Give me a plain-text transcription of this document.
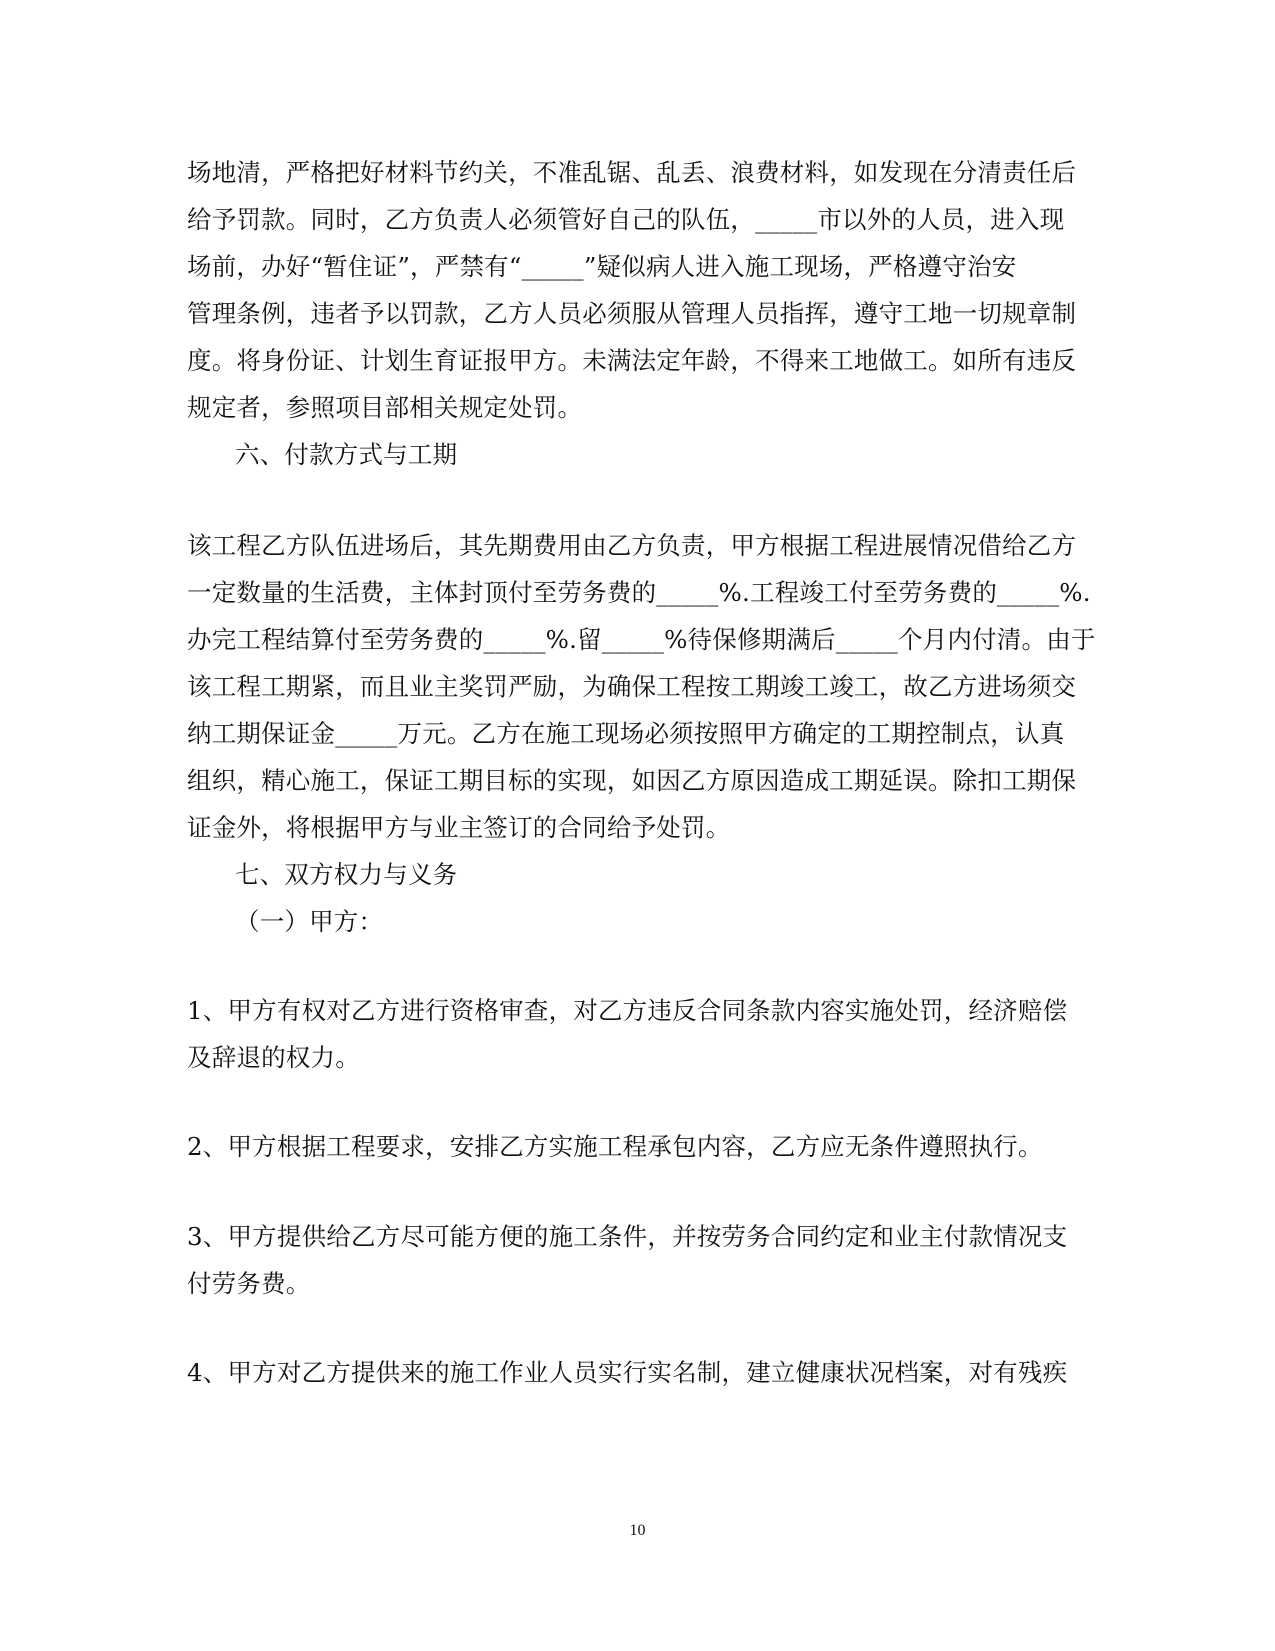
场地清，严格把好材料节约关，不准乱锯、乱丢、浪费材料，如发现在分清责任后
给予罚款。同时，乙方负责人必须管好自己的队伍，_____市以外的人员，进入现
场前，办好“暂住证”，严禁有“_____”疑似病人进入施工现场，严格遵守治安
管理条例，违者予以罚款，乙方人员必须服从管理人员指挥，遵守工地一切规章制
度。将身份证、计划生育证报甲方。未满法定年龄，不得来工地做工。如所有违反
规定者，参照项目部相关规定处罚。
六、付款方式与工期
该工程乙方队伍进场后，其先期费用由乙方负责，甲方根据工程进展情况借给乙方
一定数量的生活费，主体封顶付至劳务费的_____%.工程竣工付至劳务费的_____%.
办完工程结算付至劳务费的_____%.留_____%待保修期满后_____个月内付清。由于
该工程工期紧，而且业主奖罚严励，为确保工程按工期竣工竣工，故乙方进场须交
纳工期保证金_____万元。乙方在施工现场必须按照甲方确定的工期控制点，认真
组织，精心施工，保证工期目标的实现，如因乙方原因造成工期延误。除扣工期保
证金外，将根据甲方与业主签订的合同给予处罚。
七、双方权力与义务
（一）甲方：
1、甲方有权对乙方进行资格审查，对乙方违反合同条款内容实施处罚，经济赔偿
及辞退的权力。
2、甲方根据工程要求，安排乙方实施工程承包内容，乙方应无条件遵照执行。
3、甲方提供给乙方尽可能方便的施工条件，并按劳务合同约定和业主付款情况支
付劳务费。
4、甲方对乙方提供来的施工作业人员实行实名制，建立健康状况档案，对有残疾
10
